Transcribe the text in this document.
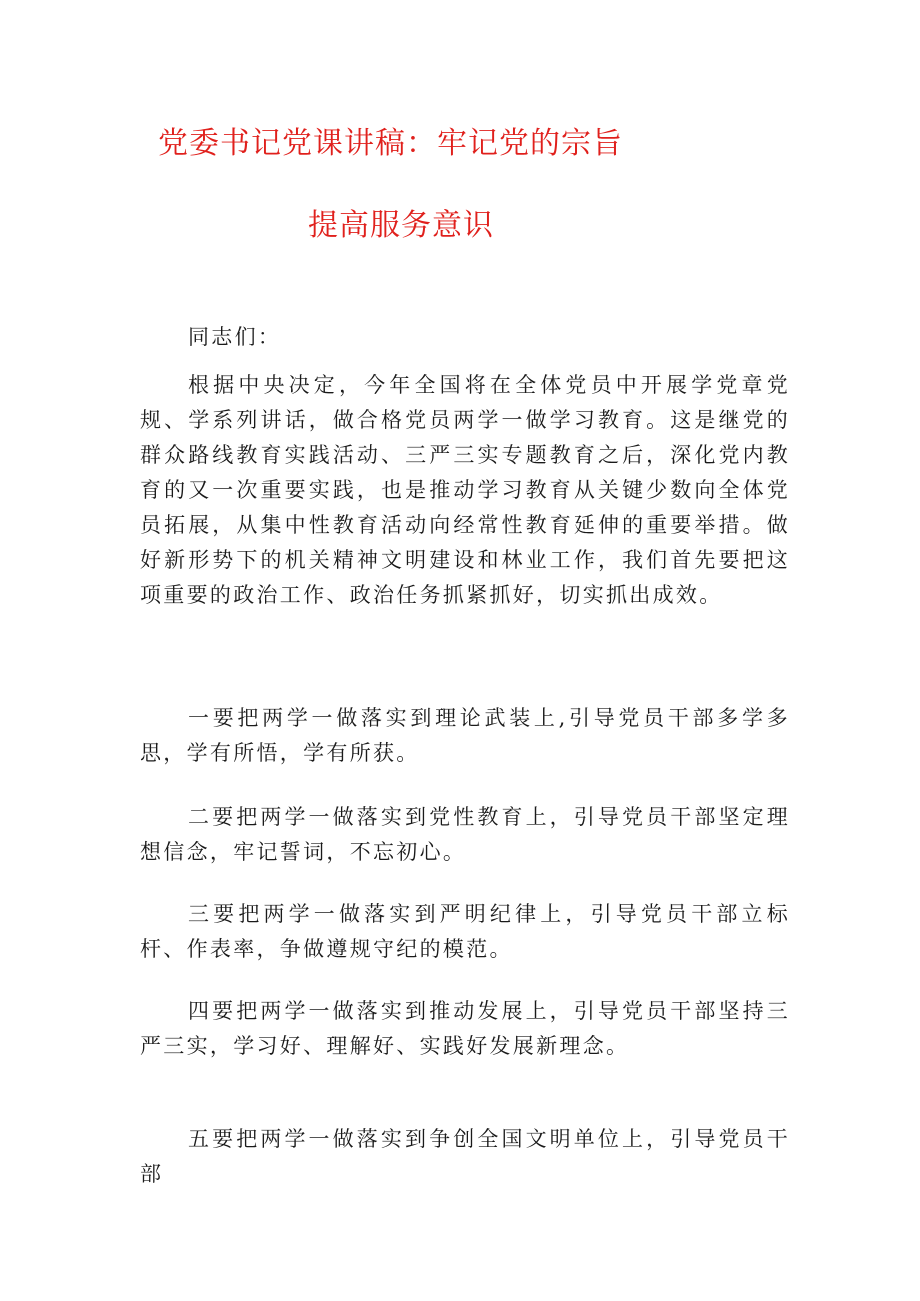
党委书记党课讲稿：牢记党的宗旨
提高服务意识

同志们：

根据中央决定，今年全国将在全体党员中开展学党章党规、学系列讲话，做合格党员两学一做学习教育。这是继党的群众路线教育实践活动、三严三实专题教育之后，深化党内教育的又一次重要实践，也是推动学习教育从关键少数向全体党员拓展，从集中性教育活动向经常性教育延伸的重要举措。做好新形势下的机关精神文明建设和林业工作，我们首先要把这项重要的政治工作、政治任务抓紧抓好，切实抓出成效。

一要把两学一做落实到理论武装上,引导党员干部多学多思，学有所悟，学有所获。

二要把两学一做落实到党性教育上，引导党员干部坚定理想信念，牢记誓词，不忘初心。

三要把两学一做落实到严明纪律上，引导党员干部立标杆、作表率，争做遵规守纪的模范。

四要把两学一做落实到推动发展上，引导党员干部坚持三严三实，学习好、理解好、实践好发展新理念。

五要把两学一做落实到争创全国文明单位上，引导党员干部
